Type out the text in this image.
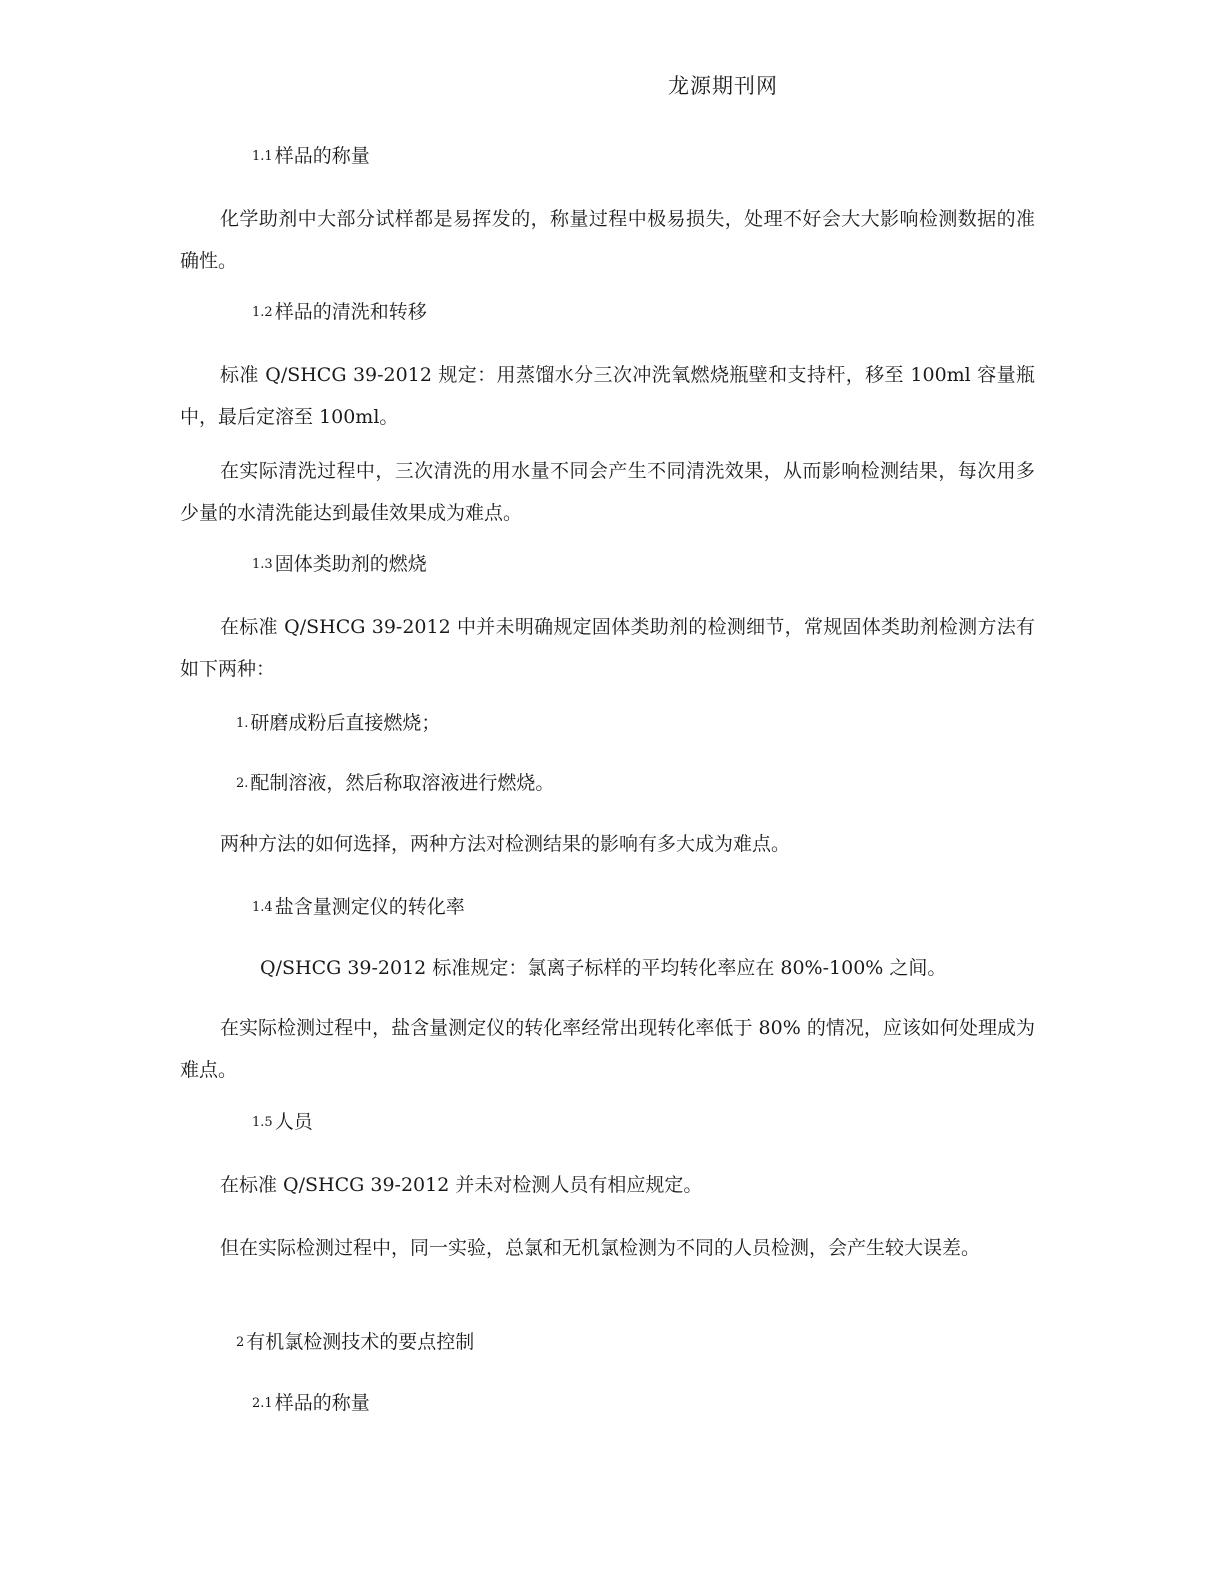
龙源期刊网
1.1 样品的称量
化学助剂中大部分试样都是易挥发的，称量过程中极易损失，处理不好会大大影响检测数据的准确性。
1.2 样品的清洗和转移
标准 Q/SHCG 39-2012 规定：用蒸馏水分三次冲洗氧燃烧瓶壁和支持杆，移至 100ml 容量瓶中，最后定溶至 100ml。
在实际清洗过程中，三次清洗的用水量不同会产生不同清洗效果，从而影响检测结果，每次用多少量的水清洗能达到最佳效果成为难点。
1.3 固体类助剂的燃烧
在标准 Q/SHCG 39-2012 中并未明确规定固体类助剂的检测细节，常规固体类助剂检测方法有如下两种：
1. 研磨成粉后直接燃烧；
2. 配制溶液，然后称取溶液进行燃烧。
两种方法的如何选择，两种方法对检测结果的影响有多大成为难点。
1.4 盐含量测定仪的转化率
Q/SHCG 39-2012 标准规定：氯离子标样的平均转化率应在 80%-100% 之间。
在实际检测过程中，盐含量测定仪的转化率经常出现转化率低于 80% 的情况，应该如何处理成为难点。
1.5 人员
在标准 Q/SHCG 39-2012 并未对检测人员有相应规定。
但在实际检测过程中，同一实验，总氯和无机氯检测为不同的人员检测，会产生较大误差。
2 有机氯检测技术的要点控制
2.1 样品的称量
